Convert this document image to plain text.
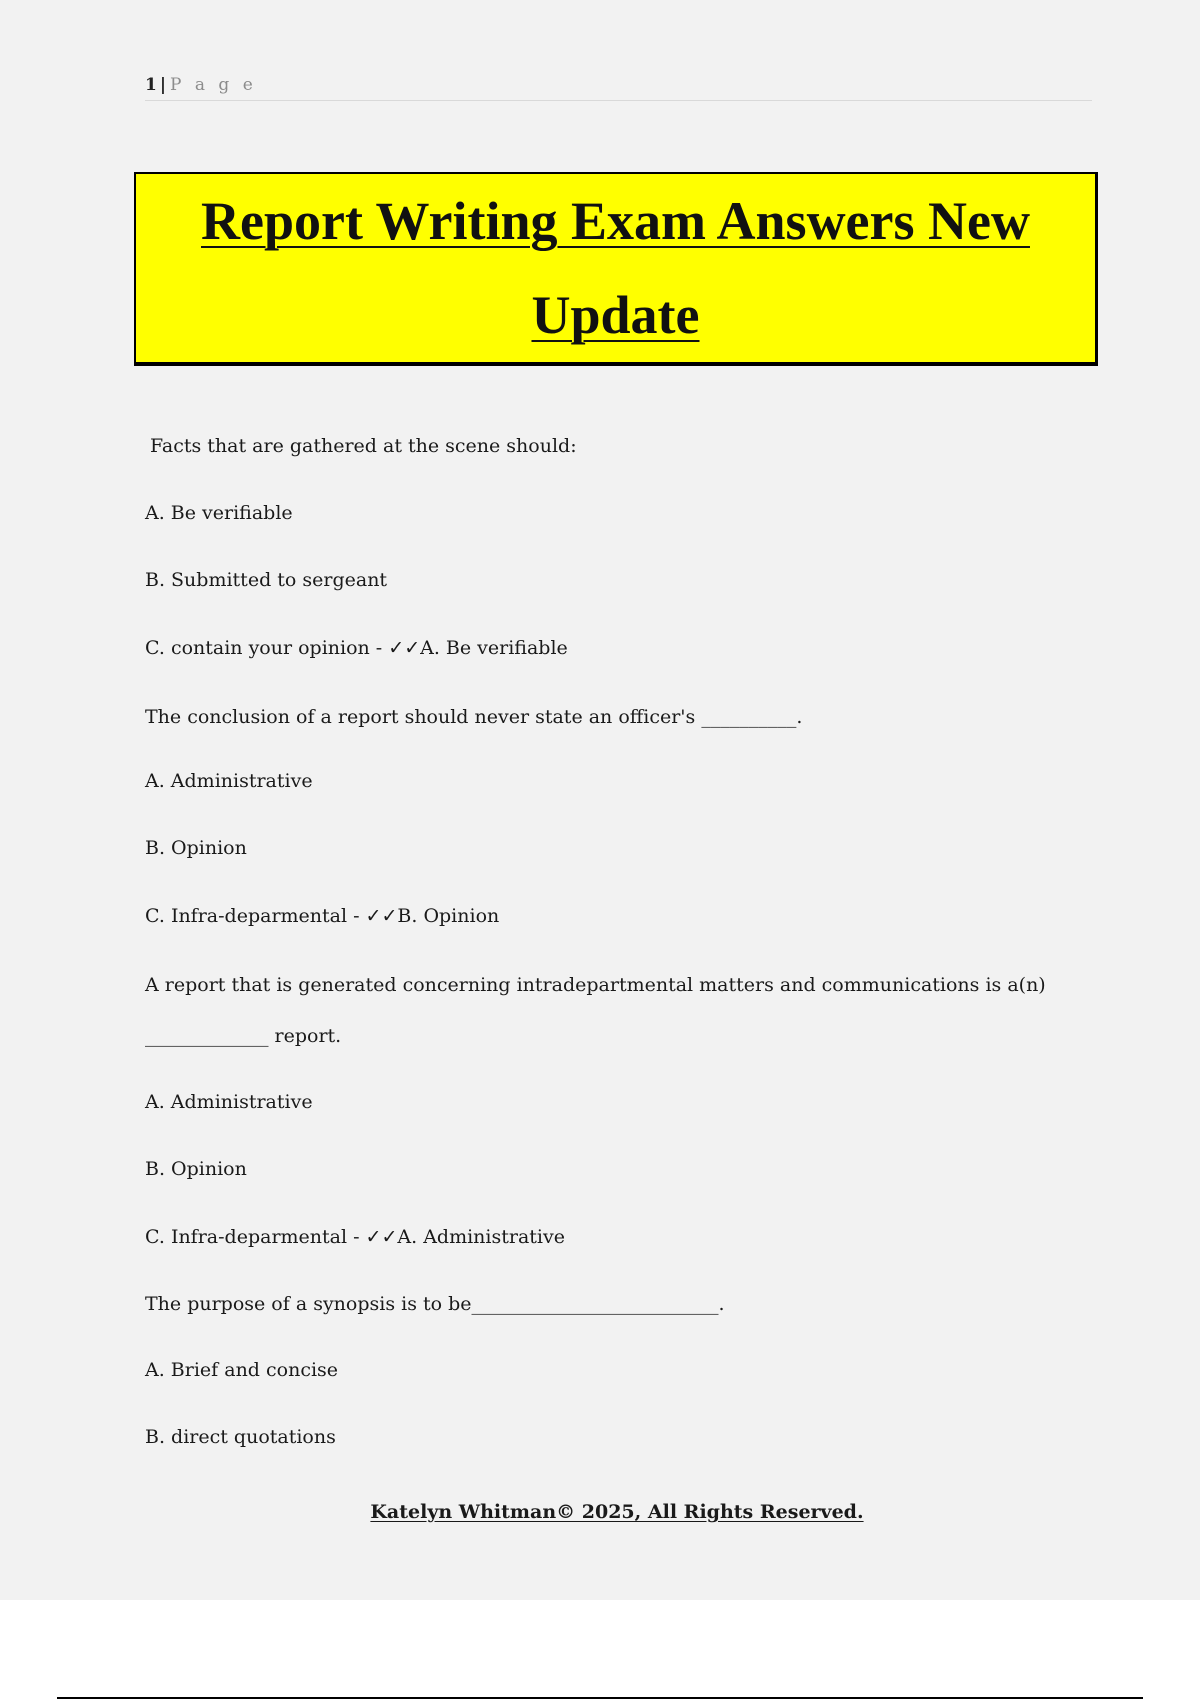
1 | P a g e
Report Writing Exam Answers New Update
Facts that are gathered at the scene should:
A. Be verifiable
B. Submitted to sergeant
C. contain your opinion - ✓✓A. Be verifiable
The conclusion of a report should never state an officer's __________.
A. Administrative
B. Opinion
C. Infra-deparmental - ✓✓B. Opinion
A report that is generated concerning intradepartmental matters and communications is a(n)
_____________ report.
A. Administrative
B. Opinion
C. Infra-deparmental - ✓✓A. Administrative
The purpose of a synopsis is to be__________________________.
A. Brief and concise
B. direct quotations
Katelyn Whitman© 2025, All Rights Reserved.
